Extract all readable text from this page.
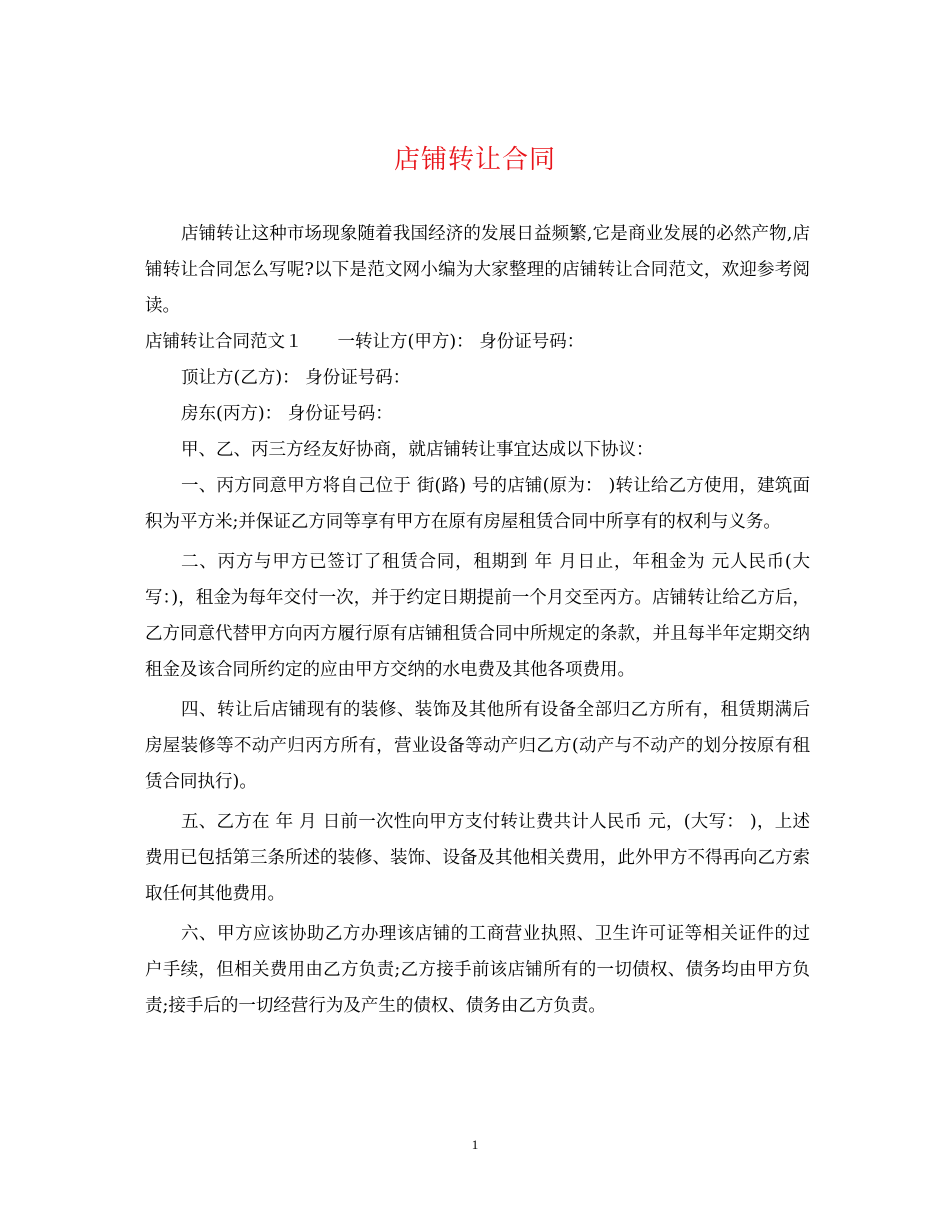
店铺转让合同

店铺转让这种市场现象随着我国经济的发展日益频繁,它是商业发展的必然产物,店铺转让合同怎么写呢?以下是范文网小编为大家整理的店铺转让合同范文，欢迎参考阅读。

店铺转让合同范文１　　一转让方(甲方)： 身份证号码：

顶让方(乙方)： 身份证号码：

房东(丙方)： 身份证号码：

甲、乙、丙三方经友好协商，就店铺转让事宜达成以下协议：

一、丙方同意甲方将自己位于 街(路) 号的店铺(原为： )转让给乙方使用，建筑面积为平方米;并保证乙方同等享有甲方在原有房屋租赁合同中所享有的权利与义务。

二、丙方与甲方已签订了租赁合同，租期到 年 月日止，年租金为 元人民币(大写：)，租金为每年交付一次，并于约定日期提前一个月交至丙方。店铺转让给乙方后，乙方同意代替甲方向丙方履行原有店铺租赁合同中所规定的条款，并且每半年定期交纳租金及该合同所约定的应由甲方交纳的水电费及其他各项费用。

四、转让后店铺现有的装修、装饰及其他所有设备全部归乙方所有，租赁期满后房屋装修等不动产归丙方所有，营业设备等动产归乙方(动产与不动产的划分按原有租赁合同执行)。

五、乙方在 年 月 日前一次性向甲方支付转让费共计人民币 元，(大写： )，上述费用已包括第三条所述的装修、装饰、设备及其他相关费用，此外甲方不得再向乙方索取任何其他费用。

六、甲方应该协助乙方办理该店铺的工商营业执照、卫生许可证等相关证件的过户手续，但相关费用由乙方负责;乙方接手前该店铺所有的一切债权、债务均由甲方负责;接手后的一切经营行为及产生的债权、债务由乙方负责。

1
